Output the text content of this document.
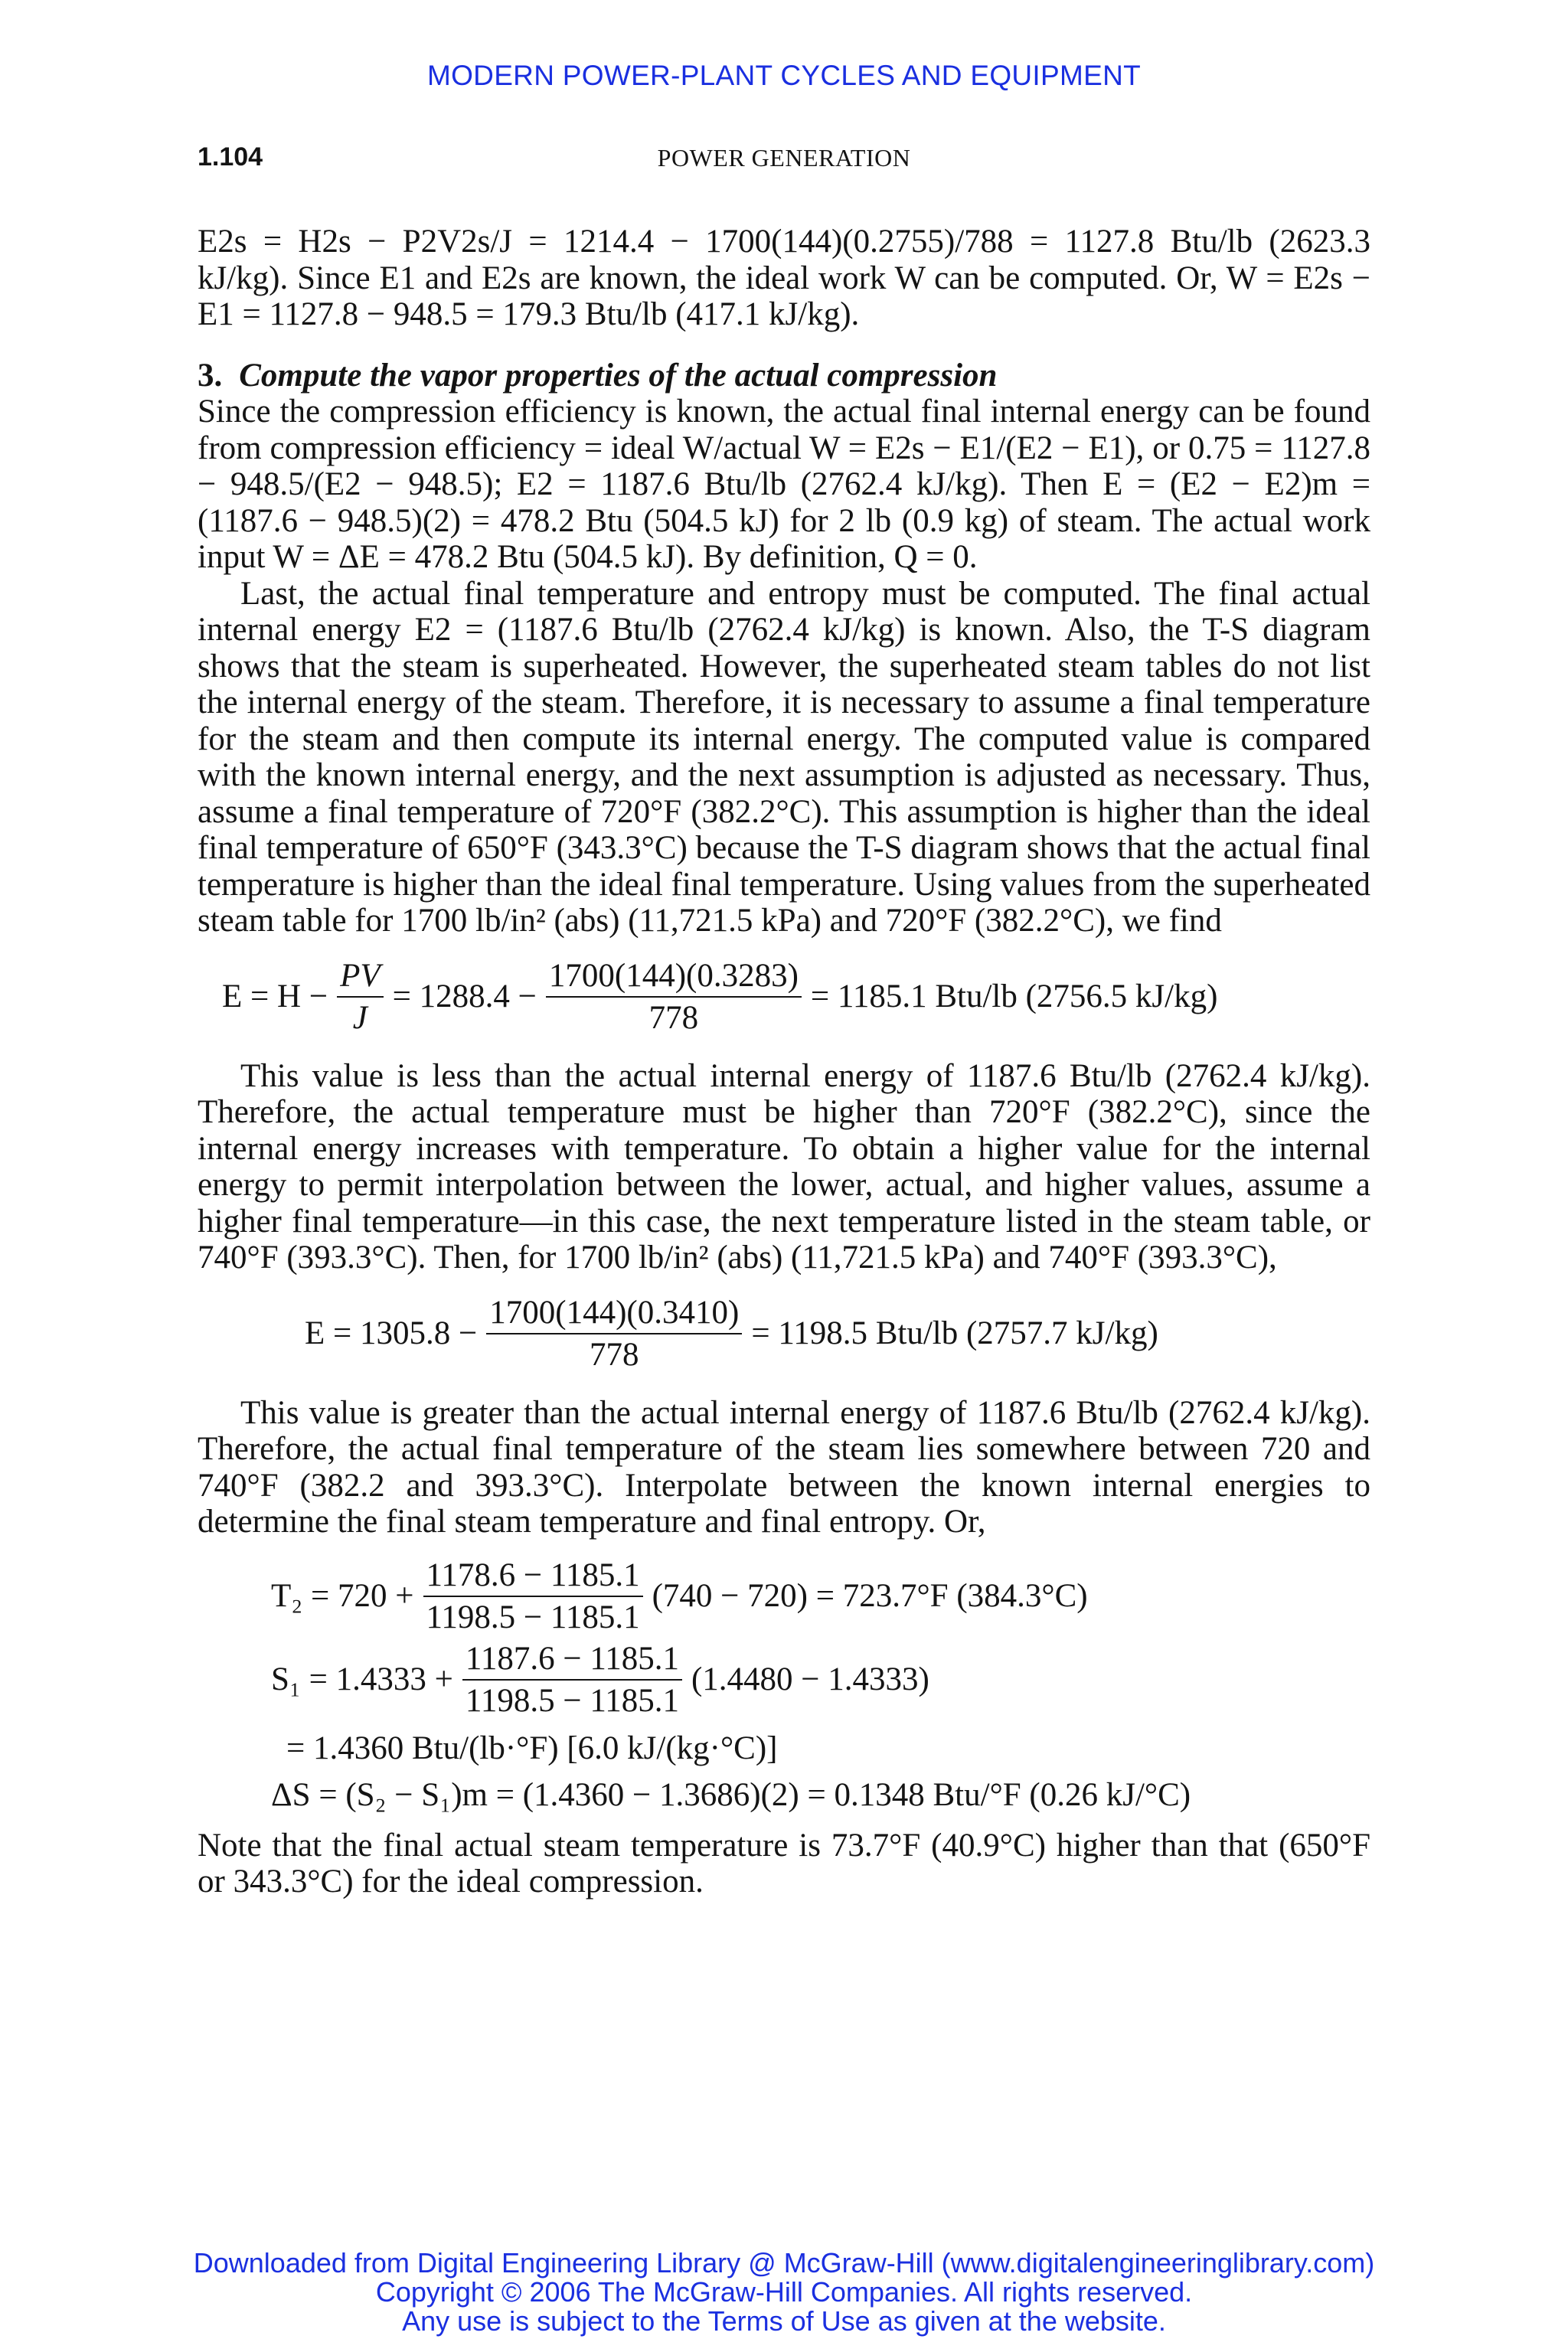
MODERN POWER-PLANT CYCLES AND EQUIPMENT
1.104	POWER GENERATION

E2s = H2s − P2V2s/J = 1214.4 − 1700(144)(0.2755)/788 = 1127.8 Btu/lb (2623.3 kJ/kg). Since E1 and E2s are known, the ideal work W can be computed. Or, W = E2s − E1 = 1127.8 − 948.5 = 179.3 Btu/lb (417.1 kJ/kg).

3. Compute the vapor properties of the actual compression

Since the compression efficiency is known, the actual final internal energy can be found from compression efficiency = ideal W/actual W = E2s − E1/(E2 − E1), or 0.75 = 1127.8 − 948.5/(E2 − 948.5); E2 = 1187.6 Btu/lb (2762.4 kJ/kg). Then E = (E2 − E2)m = (1187.6 − 948.5)(2) = 478.2 Btu (504.5 kJ) for 2 lb (0.9 kg) of steam. The actual work input W = ΔE = 478.2 Btu (504.5 kJ). By definition, Q = 0.

Last, the actual final temperature and entropy must be computed. The final actual internal energy E2 = (1187.6 Btu/lb (2762.4 kJ/kg) is known. Also, the T-S diagram shows that the steam is superheated. However, the superheated steam tables do not list the internal energy of the steam. Therefore, it is necessary to assume a final temperature for the steam and then compute its internal energy. The computed value is compared with the known internal energy, and the next assumption is adjusted as necessary. Thus, assume a final temperature of 720°F (382.2°C). This assumption is higher than the ideal final temperature of 650°F (343.3°C) because the T-S diagram shows that the actual final temperature is higher than the ideal final temperature. Using values from the superheated steam table for 1700 lb/in² (abs) (11,721.5 kPa) and 720°F (382.2°C), we find

$E = H - \frac{PV}{J} = 1288.4 - \frac{1700(144)(0.3283)}{778} = 1185.1$ Btu/lb (2756.5 kJ/kg)

This value is less than the actual internal energy of 1187.6 Btu/lb (2762.4 kJ/kg). Therefore, the actual temperature must be higher than 720°F (382.2°C), since the internal energy increases with temperature. To obtain a higher value for the internal energy to permit interpolation between the lower, actual, and higher values, assume a higher final temperature—in this case, the next temperature listed in the steam table, or 740°F (393.3°C). Then, for 1700 lb/in² (abs) (11,721.5 kPa) and 740°F (393.3°C),

$E = 1305.8 - \frac{1700(144)(0.3410)}{778} = 1198.5$ Btu/lb (2757.7 kJ/kg)

This value is greater than the actual internal energy of 1187.6 Btu/lb (2762.4 kJ/kg). Therefore, the actual final temperature of the steam lies somewhere between 720 and 740°F (382.2 and 393.3°C). Interpolate between the known internal energies to determine the final steam temperature and final entropy. Or,

$T_2 = 720 + \frac{1178.6 - 1185.1}{1198.5 - 1185.1} (740 - 720) = 723.7^\circ F$ (384.3°C)
$S_1 = 1.4333 + \frac{1187.6 - 1185.1}{1198.5 - 1185.1} (1.4480 - 1.4333)$
= 1.4360 Btu/(lb·°F) [6.0 kJ/(kg·°C)]
ΔS = (S₂ − S₁)m = (1.4360 − 1.3686)(2) = 0.1348 Btu/°F (0.26 kJ/°C)

Note that the final actual steam temperature is 73.7°F (40.9°C) higher than that (650°F or 343.3°C) for the ideal compression.

Downloaded from Digital Engineering Library @ McGraw-Hill (www.digitalengineeringlibrary.com)
Copyright © 2006 The McGraw-Hill Companies. All rights reserved.
Any use is subject to the Terms of Use as given at the website.
